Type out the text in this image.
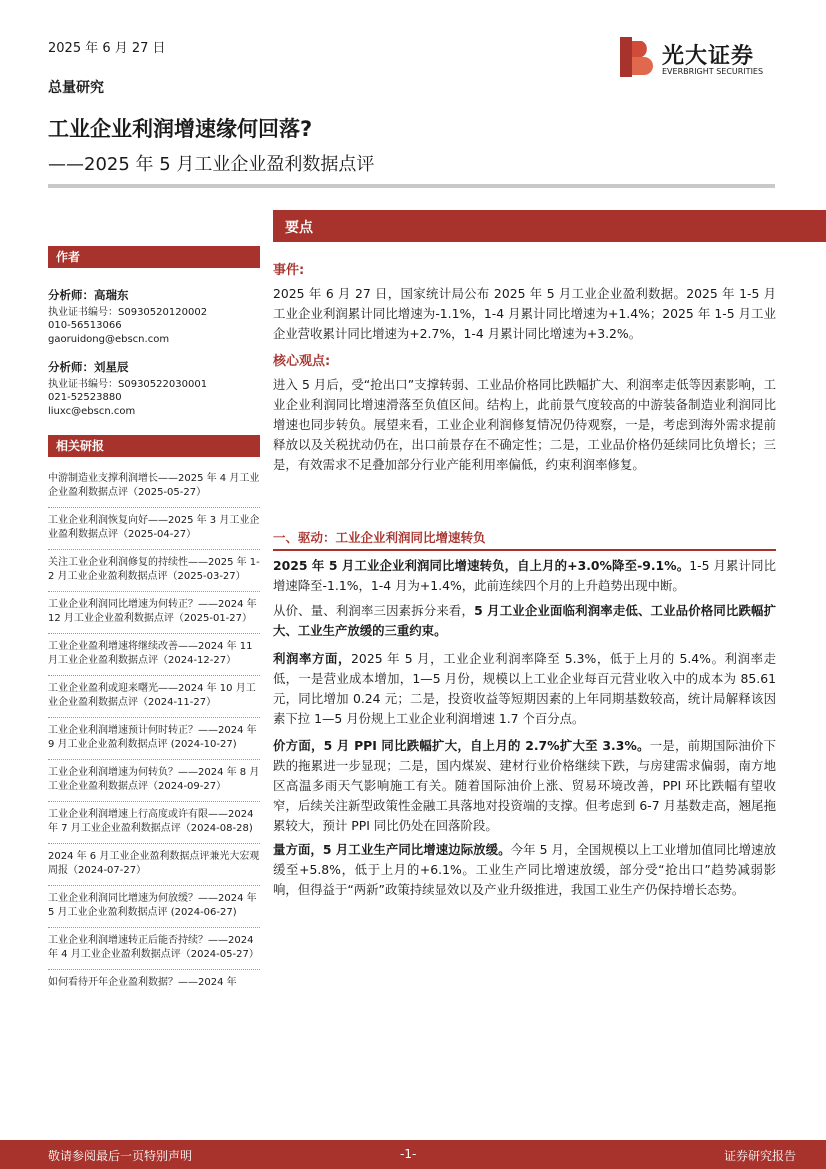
2025 年 6 月 27 日	光大证券
EVERBRIGHT SECURITIES
总量研究
工业企业利润增速缘何回落?
——2025 年 5 月工业企业盈利数据点评
作者
分析师：高瑞东
执业证书编号：S0930520120002
010-56513066
gaoruidong@ebscn.com
分析师：刘星辰
执业证书编号：S0930522030001
021-52523880
liuxc@ebscn.com
相关研报
中游制造业支撑利润增长——2025 年 4 月工业企业盈利数据点评（2025-05-27）
工业企业利润恢复向好——2025 年 3 月工业企业盈利数据点评（2025-04-27）
关注工业企业利润修复的持续性——2025 年 1-2 月工业企业盈利数据点评（2025-03-27）
工业企业利润同比增速为何转正？——2024 年 12 月工业企业盈利数据点评（2025-01-27）
工业企业盈利增速将继续改善——2024 年 11 月工业企业盈利数据点评（2024-12-27）
工业企业盈利或迎来曙光——2024 年 10 月工业企业盈利数据点评（2024-11-27）
工业企业利润增速预计何时转正？——2024 年 9 月工业企业盈利数据点评 (2024-10-27)
工业企业利润增速为何转负？——2024 年 8 月工业企业盈利数据点评（2024-09-27）
工业企业利润增速上行高度或许有限——2024 年 7 月工业企业盈利数据点评（2024-08-28)
2024 年 6 月工业企业盈利数据点评兼光大宏观周报（2024-07-27）
工业企业利润同比增速为何放缓？——2024 年 5 月工业企业盈利数据点评 (2024-06-27)
工业企业利润增速转正后能否持续？——2024 年 4 月工业企业盈利数据点评（2024-05-27）
如何看待开年企业盈利数据？——2024 年
要点
事件:
2025 年 6 月 27 日，国家统计局公布 2025 年 5 月工业企业盈利数据。2025 年 1-5 月工业企业利润累计同比增速为-1.1%，1-4 月累计同比增速为+1.4%；2025 年 1-5 月工业企业营收累计同比增速为+2.7%，1-4 月累计同比增速为+3.2%。
核心观点:
进入 5 月后，受“抢出口”支撑转弱、工业品价格同比跌幅扩大、利润率走低等因素影响，工业企业利润同比增速滑落至负值区间。结构上，此前景气度较高的中游装备制造业利润同比增速也同步转负。展望来看，工业企业利润修复情况仍待观察，一是，考虑到海外需求提前释放以及关税扰动仍在，出口前景存在不确定性；二是，工业品价格仍延续同比负增长；三是，有效需求不足叠加部分行业产能利用率偏低，约束利润率修复。
一、驱动：工业企业利润同比增速转负
2025 年 5 月工业企业利润同比增速转负，自上月的+3.0%降至-9.1%。1-5 月累计同比增速降至-1.1%，1-4 月为+1.4%，此前连续四个月的上升趋势出现中断。
从价、量、利润率三因素拆分来看，5 月工业企业面临利润率走低、工业品价格同比跌幅扩大、工业生产放缓的三重约束。
利润率方面，2025 年 5 月，工业企业利润率降至 5.3%，低于上月的 5.4%。利润率走低，一是营业成本增加，1—5 月份，规模以上工业企业每百元营业收入中的成本为 85.61 元，同比增加 0.24 元；二是，投资收益等短期因素的上年同期基数较高，统计局解释该因素下拉 1—5 月份规上工业企业利润增速 1.7 个百分点。
价方面，5 月 PPI 同比跌幅扩大，自上月的 2.7%扩大至 3.3%。一是，前期国际油价下跌的拖累进一步显现；二是，国内煤炭、建材行业价格继续下跌，与房建需求偏弱，南方地区高温多雨天气影响施工有关。随着国际油价上涨、贸易环境改善，PPI 环比跌幅有望收窄，后续关注新型政策性金融工具落地对投资端的支撑。但考虑到 6-7 月基数走高，翘尾拖累较大，预计 PPI 同比仍处在回落阶段。
量方面，5 月工业生产同比增速边际放缓。今年 5 月，全国规模以上工业增加值同比增速放缓至+5.8%，低于上月的+6.1%。工业生产同比增速放缓，部分受“抢出口”趋势减弱影响，但得益于“两新”政策持续显效以及产业升级推进，我国工业生产仍保持增长态势。
敬请参阅最后一页特别声明	-1-	证券研究报告
